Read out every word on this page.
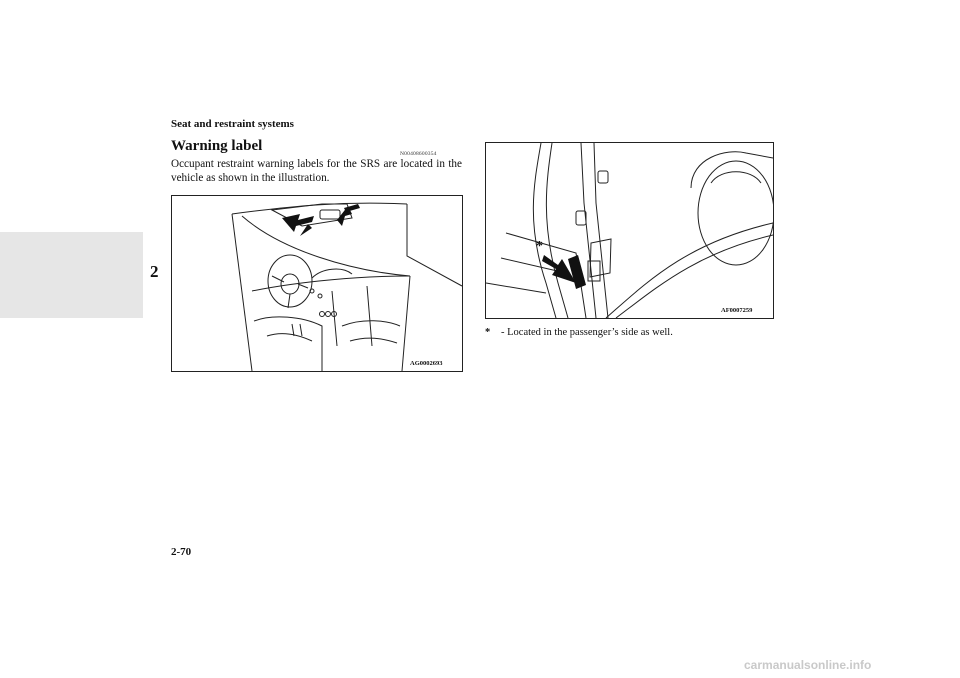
Seat and restraint systems
2
Warning label	N00408600354
Occupant restraint warning labels for the SRS are located in the vehicle as shown in the illustration.
AG0002693
*
AF0007259
* - Located in the passenger’s side as well.
2-70
carmanualsonline.info
